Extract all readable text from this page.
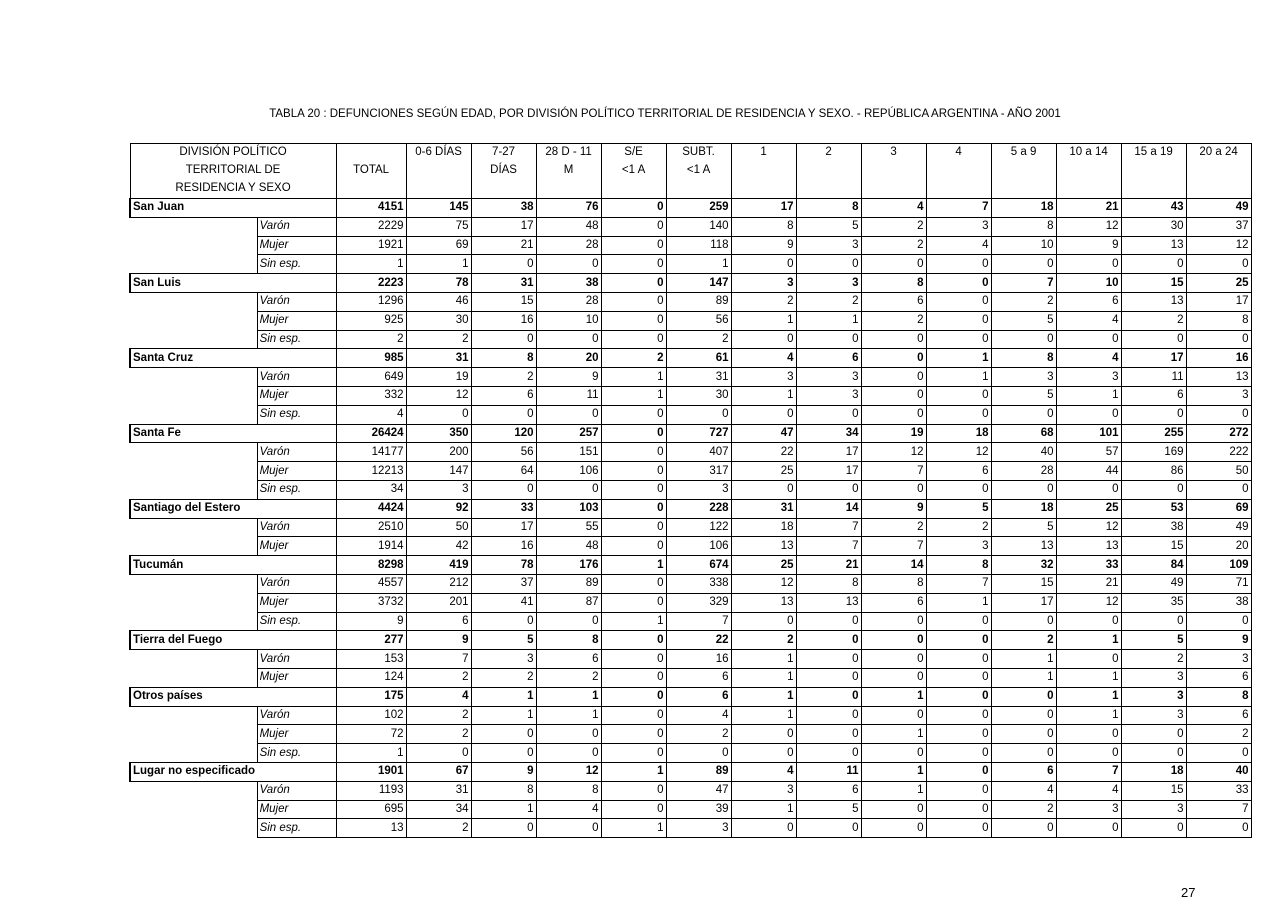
TABLA 20 : DEFUNCIONES SEGÚN EDAD, POR DIVISIÓN POLÍTICO TERRITORIAL DE RESIDENCIA Y SEXO. - REPÚBLICA ARGENTINA - AÑO 2001
DIVISIÓN POLÍTICO			0-6 DÍAS	7-27	28 D - 11	S/E	SUBT.	1	2	3	4	5 a 9	10 a 14	15 a 19	20 a 24
TERRITORIAL DE		TOTAL		DÍAS	M	<1 A	<1 A								
RESIDENCIA Y SEXO															
San Juan		4151	145	38	76	0	259	17	8	4	7	18	21	43	49
	Varón	2229	75	17	48	0	140	8	5	2	3	8	12	30	37
	Mujer	1921	69	21	28	0	118	9	3	2	4	10	9	13	12
	Sin esp.	1	1	0	0	0	1	0	0	0	0	0	0	0	0
San Luis		2223	78	31	38	0	147	3	3	8	0	7	10	15	25
	Varón	1296	46	15	28	0	89	2	2	6	0	2	6	13	17
	Mujer	925	30	16	10	0	56	1	1	2	0	5	4	2	8
	Sin esp.	2	2	0	0	0	2	0	0	0	0	0	0	0	0
Santa Cruz		985	31	8	20	2	61	4	6	0	1	8	4	17	16
	Varón	649	19	2	9	1	31	3	3	0	1	3	3	11	13
	Mujer	332	12	6	11	1	30	1	3	0	0	5	1	6	3
	Sin esp.	4	0	0	0	0	0	0	0	0	0	0	0	0	0
Santa Fe		26424	350	120	257	0	727	47	34	19	18	68	101	255	272
	Varón	14177	200	56	151	0	407	22	17	12	12	40	57	169	222
	Mujer	12213	147	64	106	0	317	25	17	7	6	28	44	86	50
	Sin esp.	34	3	0	0	0	3	0	0	0	0	0	0	0	0
Santiago del Estero		4424	92	33	103	0	228	31	14	9	5	18	25	53	69
	Varón	2510	50	17	55	0	122	18	7	2	2	5	12	38	49
	Mujer	1914	42	16	48	0	106	13	7	7	3	13	13	15	20
Tucumán		8298	419	78	176	1	674	25	21	14	8	32	33	84	109
	Varón	4557	212	37	89	0	338	12	8	8	7	15	21	49	71
	Mujer	3732	201	41	87	0	329	13	13	6	1	17	12	35	38
	Sin esp.	9	6	0	0	1	7	0	0	0	0	0	0	0	0
Tierra del Fuego		277	9	5	8	0	22	2	0	0	0	2	1	5	9
	Varón	153	7	3	6	0	16	1	0	0	0	1	0	2	3
	Mujer	124	2	2	2	0	6	1	0	0	0	1	1	3	6
Otros países		175	4	1	1	0	6	1	0	1	0	0	1	3	8
	Varón	102	2	1	1	0	4	1	0	0	0	0	1	3	6
	Mujer	72	2	0	0	0	2	0	0	1	0	0	0	0	2
	Sin esp.	1	0	0	0	0	0	0	0	0	0	0	0	0	0
Lugar no especificado		1901	67	9	12	1	89	4	11	1	0	6	7	18	40
	Varón	1193	31	8	8	0	47	3	6	1	0	4	4	15	33
	Mujer	695	34	1	4	0	39	1	5	0	0	2	3	3	7
	Sin esp.	13	2	0	0	1	3	0	0	0	0	0	0	0	0
27
